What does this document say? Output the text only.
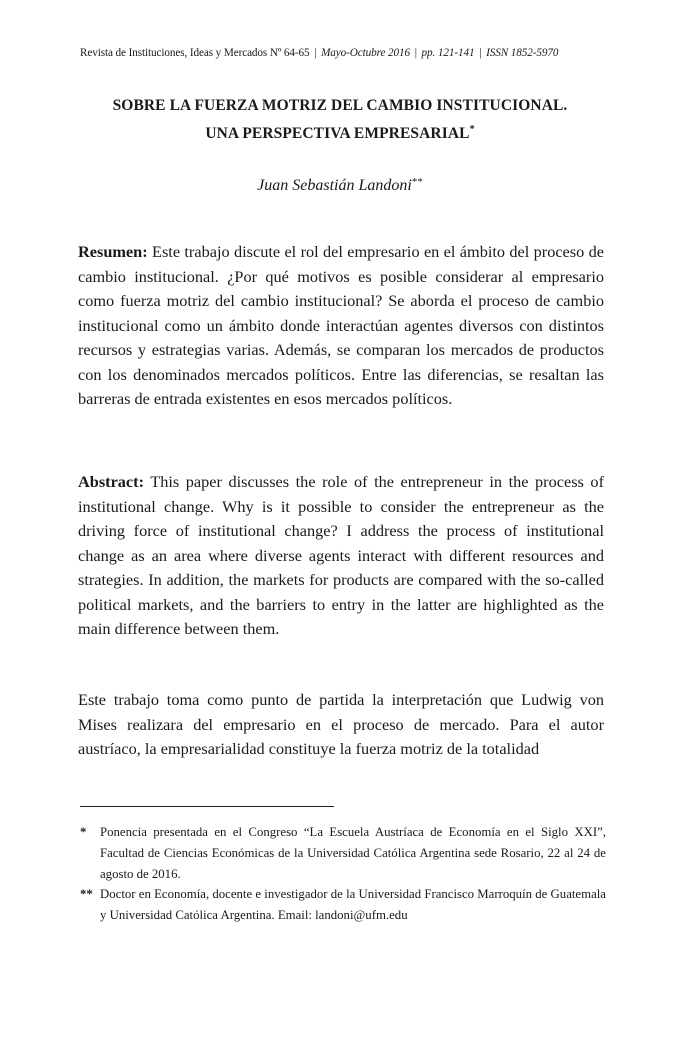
Revista de Instituciones, Ideas y Mercados Nº 64-65 | Mayo-Octubre 2016 | pp. 121-141 | ISSN 1852-5970
SOBRE LA FUERZA MOTRIZ DEL CAMBIO INSTITUCIONAL.
UNA PERSPECTIVA EMPRESARIAL*
Juan Sebastián Landoni**

Resumen: Este trabajo discute el rol del empresario en el ámbito del proceso de cambio institucional. ¿Por qué motivos es posible considerar al empresario como fuerza motriz del cambio institucional? Se aborda el proceso de cambio institucional como un ámbito donde interactúan agentes diversos con distintos recursos y estrategias varias. Además, se comparan los mercados de productos con los denominados mercados políticos. Entre las diferencias, se resaltan las barreras de entrada existentes en esos mercados políticos.

Abstract: This paper discusses the role of the entrepreneur in the process of institutional change. Why is it possible to consider the entrepreneur as the driving force of institutional change? I address the process of institutional change as an area where diverse agents interact with different resources and strategies. In addition, the markets for products are compared with the so-called political markets, and the barriers to entry in the latter are highlighted as the main difference between them.

Este trabajo toma como punto de partida la interpretación que Ludwig von Mises realizara del empresario en el proceso de mercado. Para el autor austríaco, la empresarialidad constituye la fuerza motriz de la totalidad

*	Ponencia presentada en el Congreso “La Escuela Austríaca de Economía en el Siglo XXI”, Facultad de Ciencias Económicas de la Universidad Católica Argentina sede Rosario, 22 al 24 de agosto de 2016.
** Doctor en Economía, docente e investigador de la Universidad Francisco Marroquín de Guatemala y Universidad Católica Argentina. Email: landoni@ufm.edu
